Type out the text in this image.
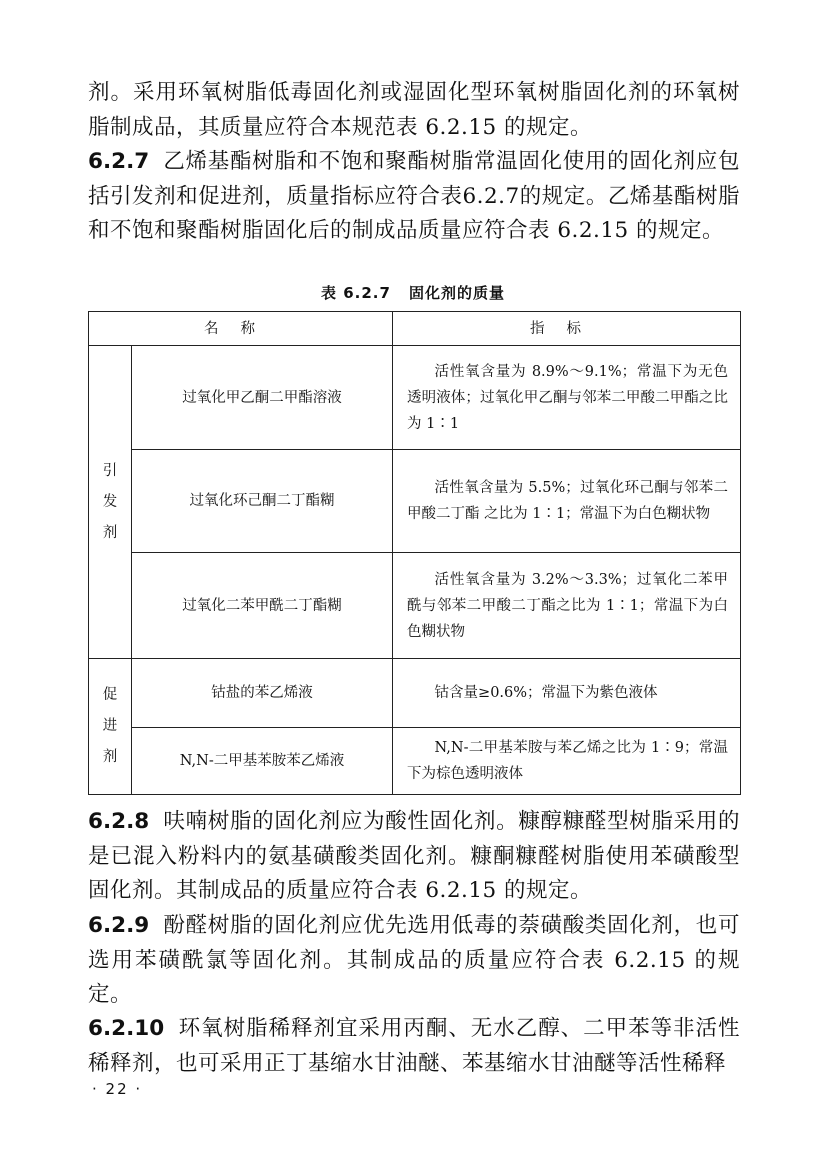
剂。采用环氧树脂低毒固化剂或湿固化型环氧树脂固化剂的环氧树脂制成品，其质量应符合本规范表 6.2.15 的规定。

6.2.7 乙烯基酯树脂和不饱和聚酯树脂常温固化使用的固化剂应包括引发剂和促进剂，质量指标应符合表6.2.7的规定。乙烯基酯树脂和不饱和聚酯树脂固化后的制成品质量应符合表 6.2.15 的规定。

表 6.2.7 固化剂的质量
名称		指标

引
发
剂	过氧化甲乙酮二甲酯溶液	活性氧含量为 8.9%～9.1%；常温下为无色透明液体；过氧化甲乙酮与邻苯二甲酸二甲酯之比为 1∶1
	过氧化环己酮二丁酯糊	活性氧含量为 5.5%；过氧化环己酮与邻苯二甲酸二丁酯 之比为 1∶1；常温下为白色糊状物
	过氧化二苯甲酰二丁酯糊	活性氧含量为 3.2%～3.3%；过氧化二苯甲酰与邻苯二甲酸二丁酯之比为 1∶1；常温下为白色糊状物

促
进
剂	钴盐的苯乙烯液	钴含量≥0.6%；常温下为紫色液体
	N,N-二甲基苯胺苯乙烯液	N,N-二甲基苯胺与苯乙烯之比为 1∶9；常温下为棕色透明液体

6.2.8 呋喃树脂的固化剂应为酸性固化剂。糠醇糠醛型树脂采用的是已混入粉料内的氨基磺酸类固化剂。糠酮糠醛树脂使用苯磺酸型固化剂。其制成品的质量应符合表 6.2.15 的规定。

6.2.9 酚醛树脂的固化剂应优先选用低毒的萘磺酸类固化剂，也可选用苯磺酰氯等固化剂。其制成品的质量应符合表 6.2.15 的规定。

6.2.10 环氧树脂稀释剂宜采用丙酮、无水乙醇、二甲苯等非活性稀释剂，也可采用正丁基缩水甘油醚、苯基缩水甘油醚等活性稀释

· 22 ·
